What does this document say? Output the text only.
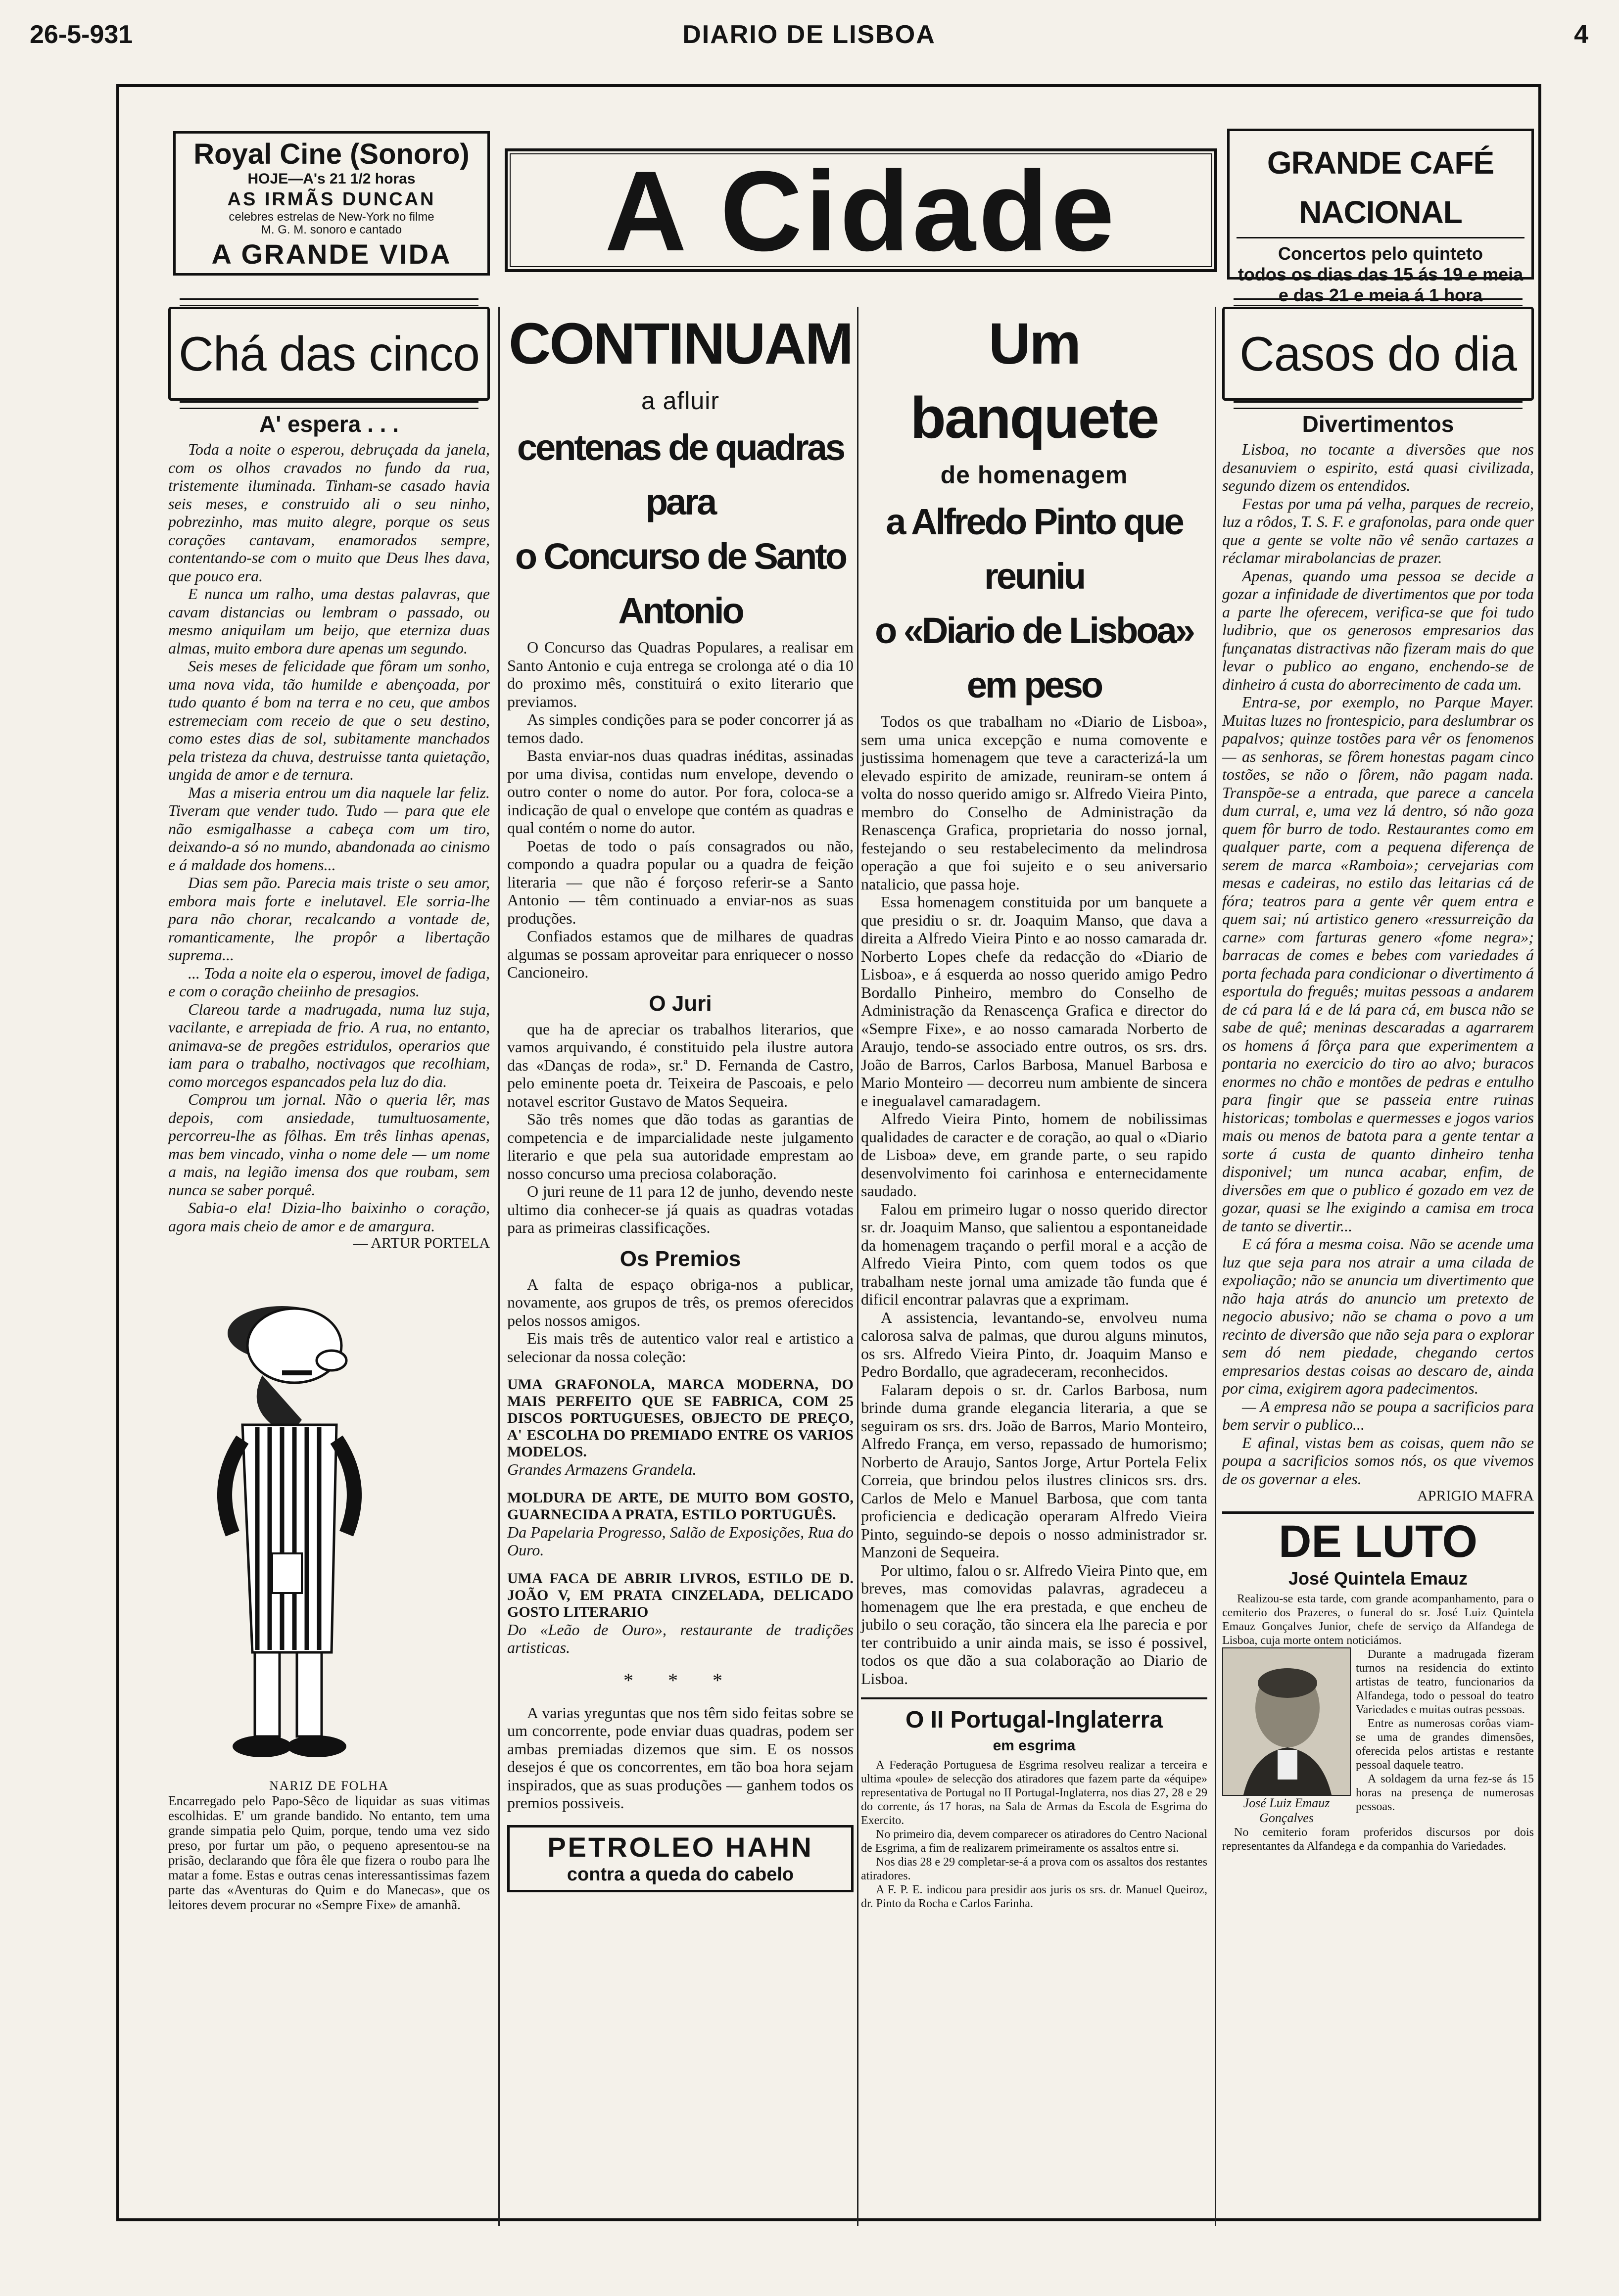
26-5-931	DIARIO DE LISBOA	4
Royal Cine (Sonoro)
HOJE—A's 21 1/2 horas
AS IRMÃS DUNCAN
celebres estrelas de New-York no filme
M. G. M. sonoro e cantado
A GRANDE VIDA	A Cidade	GRANDE CAFÉ NACIONAL
Concertos pelo quinteto
todos os dias das 15 ás 19 e meia
e das 21 e meia á 1 hora
Chá das cinco
A' espera . . .

Toda a noite o esperou, debruçada da janela, com os olhos cravados no fundo da rua, tristemente iluminada. Tinham-se casado havia seis meses, e construido ali o seu ninho, pobrezinho, mas muito alegre, porque os seus corações cantavam, enamorados sempre, contentando-se com o muito que Deus lhes dava, que pouco era.

E nunca um ralho, uma destas palavras, que cavam distancias ou lembram o passado, ou mesmo aniquilam um beijo, que eterniza duas almas, muito embora dure apenas um segundo.

Seis meses de felicidade que fôram um sonho, uma nova vida, tão humilde e abençoada, por tudo quanto é bom na terra e no ceu, que ambos estremeciam com receio de que o seu destino, como estes dias de sol, subitamente manchados pela tristeza da chuva, destruisse tanta quietação, ungida de amor e de ternura.

Mas a miseria entrou um dia naquele lar feliz. Tiveram que vender tudo. Tudo — para que ele não esmigalhasse a cabeça com um tiro, deixando-a só no mundo, abandonada ao cinismo e á maldade dos homens...

Dias sem pão. Parecia mais triste o seu amor, embora mais forte e inelutavel. Ele sorria-lhe para não chorar, recalcando a vontade de, romanticamente, lhe propôr a libertação suprema...

... Toda a noite ela o esperou, imovel de fadiga, e com o coração cheiinho de presagios.

Clareou tarde a madrugada, numa luz suja, vacilante, e arrepiada de frio. A rua, no entanto, animava-se de pregões estridulos, operarios que iam para o trabalho, noctivagos que recolhiam, como morcegos espancados pela luz do dia.

Comprou um jornal. Não o queria lêr, mas depois, com ansiedade, tumultuosamente, percorreu-lhe as fôlhas. Em três linhas apenas, mas bem vincado, vinha o nome dele — um nome a mais, na legião imensa dos que roubam, sem nunca se saber porquê.

Sabia-o ela! Dizia-lho baixinho o coração, agora mais cheio de amor e de amargura.

— ARTUR PORTELA
NARIZ DE FOLHA
Encarregado pelo Papo-Sêco de liquidar as suas vitimas escolhidas. E' um grande bandido. No entanto, tem uma grande simpatia pelo Quim, porque, tendo uma vez sido preso, por furtar um pão, o pequeno apresentou-se na prisão, declarando que fôra êle que fizera o roubo para lhe matar a fome. Estas e outras cenas interessantissimas fazem parte das «Aventuras do Quim e do Manecas», que os leitores devem procurar no «Sempre Fixe» de amanhã.
CONTINUAM
a afluir
centenas de quadras para
o Concurso de Santo Antonio

O Concurso das Quadras Populares, a realisar em Santo Antonio e cuja entrega se crolonga até o dia 10 do proximo mês, constituirá o exito literario que previamos.

As simples condições para se poder concorrer já as temos dado.

Basta enviar-nos duas quadras inéditas, assinadas por uma divisa, contidas num envelope, devendo o outro conter o nome do autor. Por fora, coloca-se a indicação de qual o envelope que contém as quadras e qual contém o nome do autor.

Poetas de todo o país consagrados ou não, compondo a quadra popular ou a quadra de feição literaria — que não é forçoso referir-se a Santo Antonio — têm continuado a enviar-nos as suas produções.

Confiados estamos que de milhares de quadras algumas se possam aproveitar para enriquecer o nosso Cancioneiro.

O Juri

que ha de apreciar os trabalhos literarios, que vamos arquivando, é constituido pela ilustre autora das «Danças de roda», sr.ª D. Fernanda de Castro, pelo eminente poeta dr. Teixeira de Pascoais, e pelo notavel escritor Gustavo de Matos Sequeira.

São três nomes que dão todas as garantias de competencia e de imparcialidade neste julgamento literario e que pela sua autoridade emprestam ao nosso concurso uma preciosa colaboração.

O juri reune de 11 para 12 de junho, devendo neste ultimo dia conhecer-se já quais as quadras votadas para as primeiras classificações.

Os Premios

A falta de espaço obriga-nos a publicar, novamente, aos grupos de três, os premos oferecidos pelos nossos amigos.

Eis mais três de autentico valor real e artistico a selecionar da nossa coleção:

UMA GRAFONOLA, MARCA MODERNA, DO MAIS PERFEITO QUE SE FABRICA, COM 25 DISCOS PORTUGUESES, OBJECTO DE PREÇO, A' ESCOLHA DO PREMIADO ENTRE OS VARIOS MODELOS.
Grandes Armazens Grandela.
MOLDURA DE ARTE, DE MUITO BOM GOSTO, GUARNECIDA A PRATA, ESTILO PORTUGUÊS.
Da Papelaria Progresso, Salão de Exposições, Rua do Ouro.
UMA FACA DE ABRIR LIVROS, ESTILO DE D. JOÃO V, EM PRATA CINZELADA, DELICADO GOSTO LITERARIO
Do «Leão de Ouro», restaurante de tradições artisticas.
* * *

A varias yreguntas que nos têm sido feitas sobre se um concorrente, pode enviar duas quadras, podem ser ambas premiadas dizemos que sim. E os nossos desejos é que os concorrentes, em tão boa hora sejam inspirados, que as suas produções — ganhem todos os premios possiveis.

PETROLEO HAHN
contra a queda do cabelo
Um banquete
de homenagem
a Alfredo Pinto que reuniu
o «Diario de Lisboa» em peso

Todos os que trabalham no «Diario de Lisboa», sem uma unica excepção e numa comovente e justissima homenagem que teve a caracterizá-la um elevado espirito de amizade, reuniram-se ontem á volta do nosso querido amigo sr. Alfredo Vieira Pinto, membro do Conselho de Administração da Renascença Grafica, proprietaria do nosso jornal, festejando o seu restabelecimento da melindrosa operação a que foi sujeito e o seu aniversario natalicio, que passa hoje.

Essa homenagem constituida por um banquete a que presidiu o sr. dr. Joaquim Manso, que dava a direita a Alfredo Vieira Pinto e ao nosso camarada dr. Norberto Lopes chefe da redacção do «Diario de Lisboa», e á esquerda ao nosso querido amigo Pedro Bordallo Pinheiro, membro do Conselho de Administração da Renascença Grafica e director do «Sempre Fixe», e ao nosso camarada Norberto de Araujo, tendo-se associado entre outros, os srs. drs. João de Barros, Carlos Barbosa, Manuel Barbosa e Mario Monteiro — decorreu num ambiente de sincera e inegualavel camaradagem.

Alfredo Vieira Pinto, homem de nobilissimas qualidades de caracter e de coração, ao qual o «Diario de Lisboa» deve, em grande parte, o seu rapido desenvolvimento foi carinhosa e enternecidamente saudado.

Falou em primeiro lugar o nosso querido director sr. dr. Joaquim Manso, que salientou a espontaneidade da homenagem traçando o perfil moral e a acção de Alfredo Vieira Pinto, com quem todos os que trabalham neste jornal uma amizade tão funda que é dificil encontrar palavras que a exprimam.

A assistencia, levantando-se, envolveu numa calorosa salva de palmas, que durou alguns minutos, os srs. Alfredo Vieira Pinto, dr. Joaquim Manso e Pedro Bordallo, que agradeceram, reconhecidos.

Falaram depois o sr. dr. Carlos Barbosa, num brinde duma grande elegancia literaria, a que se seguiram os srs. drs. João de Barros, Mario Monteiro, Alfredo França, em verso, repassado de humorismo; Norberto de Araujo, Santos Jorge, Artur Portela Felix Correia, que brindou pelos ilustres clinicos srs. drs. Carlos de Melo e Manuel Barbosa, que com tanta proficiencia e dedicação operaram Alfredo Vieira Pinto, seguindo-se depois o nosso administrador sr. Manzoni de Sequeira.

Por ultimo, falou o sr. Alfredo Vieira Pinto que, em breves, mas comovidas palavras, agradeceu a homenagem que lhe era prestada, e que encheu de jubilo o seu coração, tão sincera ela lhe parecia e por ter contribuido a unir ainda mais, se isso é possivel, todos os que dão a sua colaboração ao Diario de Lisboa.

O II Portugal-Inglaterra
em esgrima

A Federação Portuguesa de Esgrima resolveu realizar a terceira e ultima «poule» de selecção dos atiradores que fazem parte da «équipe» representativa de Portugal no II Portugal-Inglaterra, nos dias 27, 28 e 29 do corrente, ás 17 horas, na Sala de Armas da Escola de Esgrima do Exercito.

No primeiro dia, devem comparecer os atiradores do Centro Nacional de Esgrima, a fim de realizarem primeiramente os assaltos entre si.

Nos dias 28 e 29 completar-se-á a prova com os assaltos dos restantes atiradores.

A F. P. E. indicou para presidir aos juris os srs. dr. Manuel Queiroz, dr. Pinto da Rocha e Carlos Farinha.

Casos do dia
Divertimentos

Lisboa, no tocante a diversões que nos desanuviem o espirito, está quasi civilizada, segundo dizem os entendidos.

Festas por uma pá velha, parques de recreio, luz a rôdos, T. S. F. e grafonolas, para onde quer que a gente se volte não vê senão cartazes a réclamar mirabolancias de prazer.

Apenas, quando uma pessoa se decide a gozar a infinidade de divertimentos que por toda a parte lhe oferecem, verifica-se que foi tudo ludibrio, que os generosos empresarios das funçanatas distractivas não fizeram mais do que levar o publico ao engano, enchendo-se de dinheiro á custa do aborrecimento de cada um.

Entra-se, por exemplo, no Parque Mayer. Muitas luzes no frontespicio, para deslumbrar os papalvos; quinze tostões para vêr os fenomenos — as senhoras, se fôrem honestas pagam cinco tostões, se não o fôrem, não pagam nada. Transpõe-se a entrada, que parece a cancela dum curral, e, uma vez lá dentro, só não goza quem fôr burro de todo. Restaurantes como em qualquer parte, com a pequena diferença de serem de marca «Ramboia»; cervejarias com mesas e cadeiras, no estilo das leitarias cá de fóra; teatros para a gente vêr quem entra e quem sai; nú artistico genero «ressurreição da carne» com farturas genero «fome negra»; barracas de comes e bebes com variedades á porta fechada para condicionar o divertimento á esportula do freguês; muitas pessoas a andarem de cá para lá e de lá para cá, em busca não se sabe de quê; meninas descaradas a agarrarem os homens á fôrça para que experimentem a pontaria no exercicio do tiro ao alvo; buracos enormes no chão e montões de pedras e entulho para fingir que se passeia entre ruinas historicas; tombolas e quermesses e jogos varios mais ou menos de batota para a gente tentar a sorte á custa de quanto dinheiro tenha disponivel; um nunca acabar, enfim, de diversões em que o publico é gozado em vez de gozar, quasi se lhe exigindo a camisa em troca de tanto se divertir...

E cá fóra a mesma coisa. Não se acende uma luz que seja para nos atrair a uma cilada de expoliação; não se anuncia um divertimento que não haja atrás do anuncio um pretexto de negocio abusivo; não se chama o povo a um recinto de diversão que não seja para o explorar sem dó nem piedade, chegando certos empresarios destas coisas ao descaro de, ainda por cima, exigirem agora padecimentos.

— A empresa não se poupa a sacrificios para bem servir o publico...

E afinal, vistas bem as coisas, quem não se poupa a sacrificios somos nós, os que vivemos de os governar a eles.

APRIGIO MAFRA
DE LUTO
José Quintela Emauz
Realizou-se esta tarde, com grande acompanhamento, para o cemiterio dos Prazeres, o funeral do sr. José Luiz Quintela Emauz Gonçalves Junior, chefe de serviço da Alfandega de Lisboa, cuja morte ontem noticiámos.
José Luiz Emauz Gonçalves

Durante a madrugada fizeram turnos na residencia do extinto artistas de teatro, funcionarios da Alfandega, todo o pessoal do teatro Variedades e muitas outras pessoas.

Entre as numerosas corôas viam-se uma de grandes dimensões, oferecida pelos artistas e restante pessoal daquele teatro.

A soldagem da urna fez-se ás 15 horas na presença de numerosas pessoas.

No cemiterio foram proferidos discursos por dois representantes da Alfandega e da companhia do Variedades.
